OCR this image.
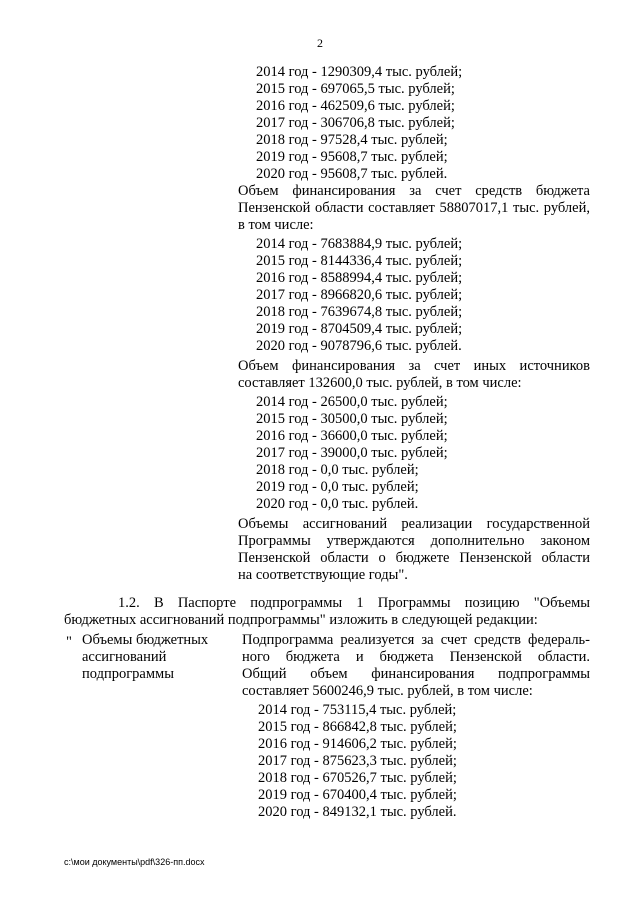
2
2014 год - 1290309,4 тыс. рублей;
2015 год - 697065,5 тыс. рублей;
2016 год - 462509,6 тыс. рублей;
2017 год - 306706,8 тыс. рублей;
2018 год - 97528,4 тыс. рублей;
2019 год - 95608,7 тыс. рублей;
2020 год - 95608,7 тыс. рублей.
Объем финансирования за счет средств бюджета
Пензенской области составляет 58807017,1 тыс. рублей,
в том числе:
2014 год - 7683884,9 тыс. рублей;
2015 год - 8144336,4 тыс. рублей;
2016 год - 8588994,4 тыс. рублей;
2017 год - 8966820,6 тыс. рублей;
2018 год - 7639674,8 тыс. рублей;
2019 год - 8704509,4 тыс. рублей;
2020 год - 9078796,6 тыс. рублей.
Объем финансирования за счет иных источников
составляет 132600,0 тыс. рублей, в том числе:
2014 год - 26500,0 тыс. рублей;
2015 год - 30500,0 тыс. рублей;
2016 год - 36600,0 тыс. рублей;
2017 год - 39000,0 тыс. рублей;
2018 год - 0,0 тыс. рублей;
2019 год - 0,0 тыс. рублей;
2020 год - 0,0 тыс. рублей.
Объемы ассигнований реализации государственной
Программы утверждаются дополнительно законом
Пензенской области о бюджете Пензенской области
на соответствующие годы".
1.2. В Паспорте подпрограммы 1 Программы позицию "Объемы
бюджетных ассигнований подпрограммы" изложить в следующей редакции:
" Объемы бюджетных
ассигнований
подпрограммы
Подпрограмма реализуется за счет средств федераль-
ного бюджета и бюджета Пензенской области.
Общий объем финансирования подпрограммы
составляет 5600246,9 тыс. рублей, в том числе:
2014 год - 753115,4 тыс. рублей;
2015 год - 866842,8 тыс. рублей;
2016 год - 914606,2 тыс. рублей;
2017 год - 875623,3 тыс. рублей;
2018 год - 670526,7 тыс. рублей;
2019 год - 670400,4 тыс. рублей;
2020 год - 849132,1 тыс. рублей.
c:\мои документы\pdf\326-пп.docx
